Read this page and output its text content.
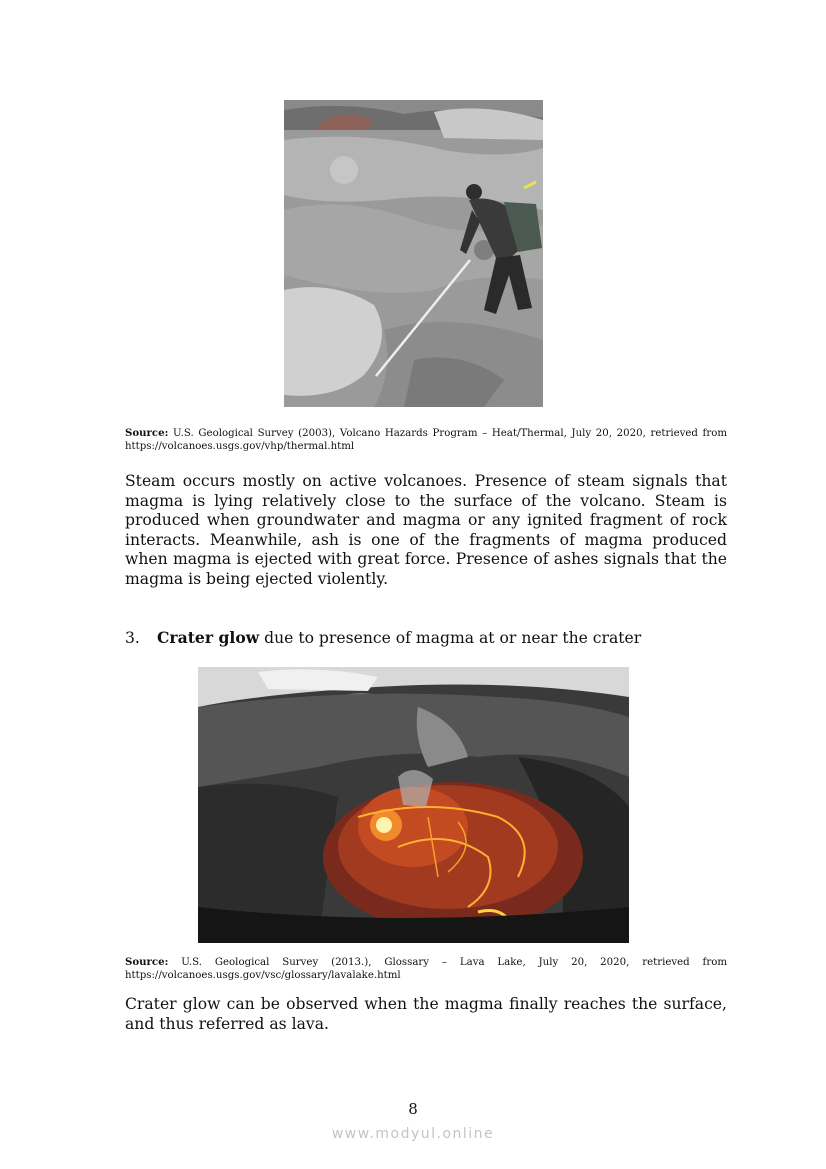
Source: U.S. Geological Survey (2003), Volcano Hazards Program – Heat/Thermal, July 20, 2020, retrieved from https://volcanoes.usgs.gov/vhp/thermal.html
Steam occurs mostly on active volcanoes. Presence of steam signals that magma is lying relatively close to the surface of the volcano. Steam is produced when groundwater and magma or any ignited fragment of rock interacts. Meanwhile, ash is one of the fragments of magma produced when magma is ejected with great force. Presence of ashes signals that the magma is being ejected violently.
3. Crater glow due to presence of magma at or near the crater
Source: U.S. Geological Survey (2013.), Glossary – Lava Lake, July 20, 2020, retrieved from
https://volcanoes.usgs.gov/vsc/glossary/lavalake.html
Crater glow can be observed when the magma finally reaches the surface, and thus referred as lava.
8
www.modyul.online
